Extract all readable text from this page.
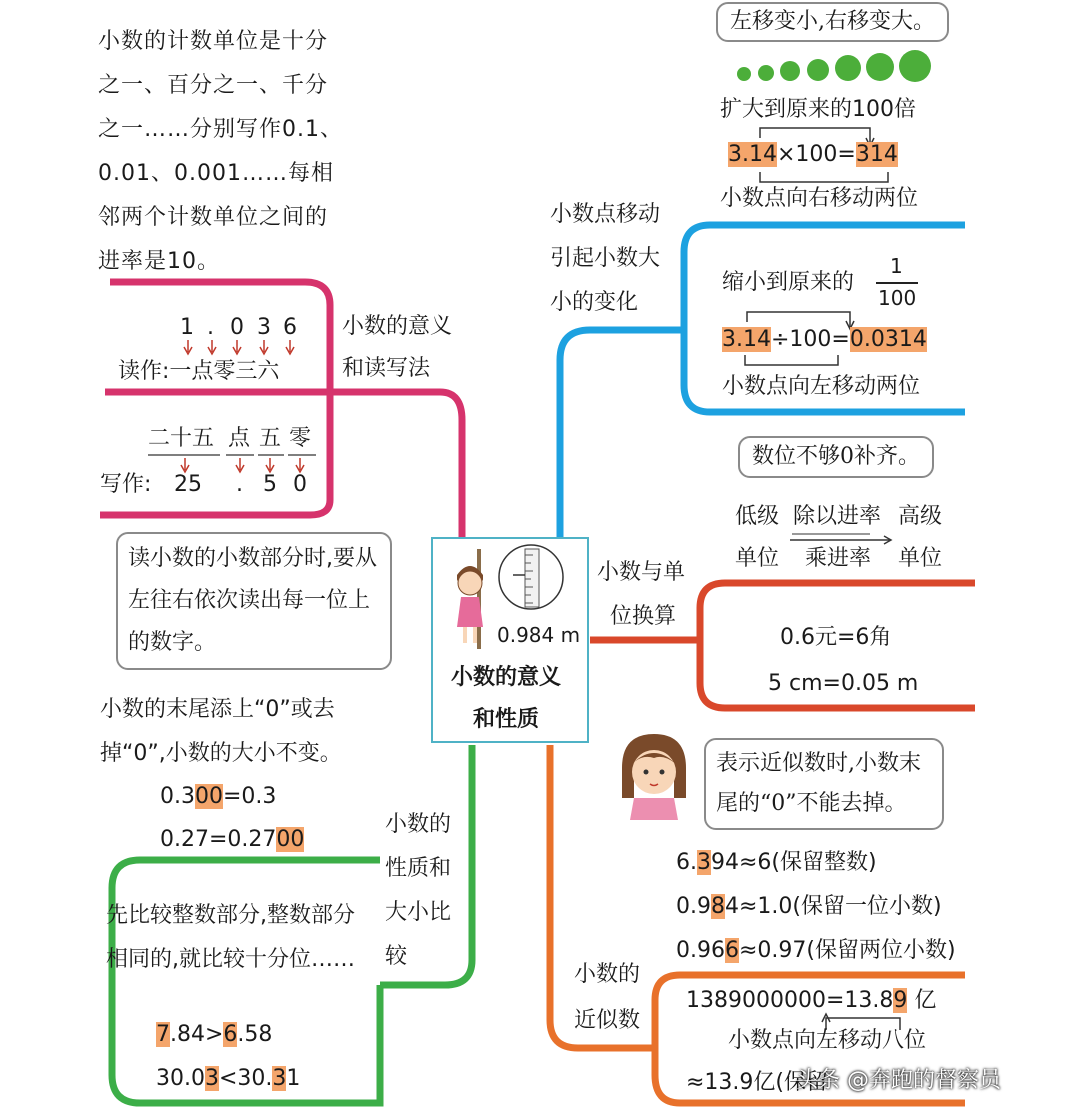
小数的计数单位是十分之一、百分之一、千分之一……分别写作0.1、0.01、0.001……每相邻两个计数单位之间的进率是10。
小数的意义
和读写法
1 . 0 3 6
读作:一点零三六
二十五 点 五 零
写作: 25 . 5 0
读小数的小数部分时,要从左往右依次读出每一位上的数字。
小数的末尾添上“0”或去掉“0”,小数的大小不变。
0.300=0.3
0.27=0.2700
小数的
性质和
大小比
较
先比较整数部分,整数部分相同的,就比较十分位……
7.84>6.58
30.03<30.31
0.984 m
小数的意义
和性质
左移变小,右移变大。
扩大到原来的100倍
3.14×100=314
小数点向右移动两位
小数点移动
引起小数大
小的变化
缩小到原来的
1
100
3.14÷100=0.0314
小数点向左移动两位
数位不够0补齐。
低级
单位
除以进率
乘进率
高级
单位
小数与单
位换算
0.6元=6角
5 cm=0.05 m
表示近似数时,小数末尾的“0”不能去掉。
6.394≈6(保留整数)
0.984≈1.0(保留一位小数)
0.966≈0.97(保留两位小数)
小数的
近似数
1389000000=13.89 亿
小数点向左移动八位
≈13.9亿(保留
头条 @奔跑的督察员
